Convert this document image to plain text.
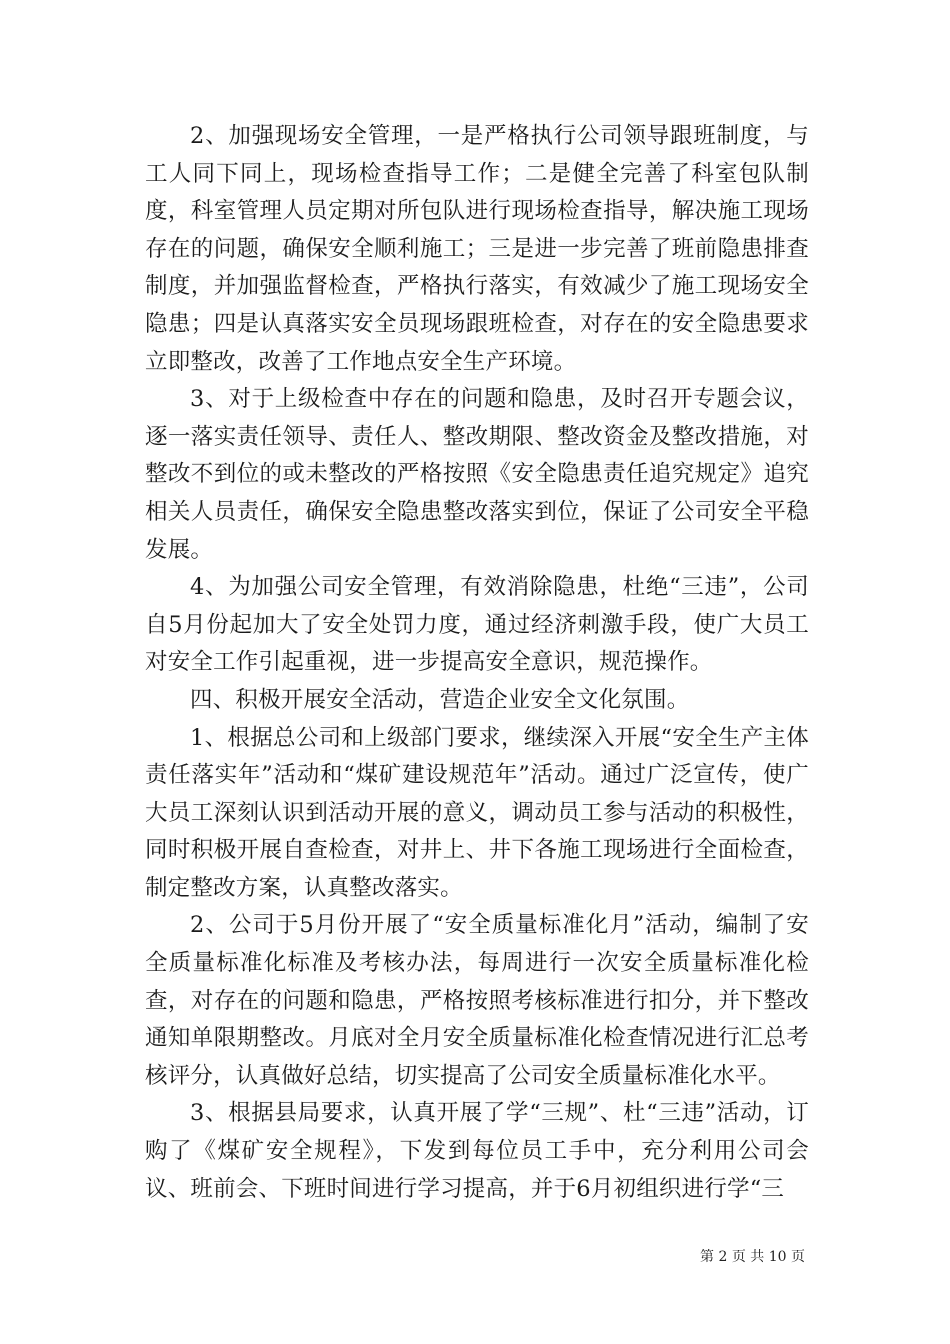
2、加强现场安全管理，一是严格执行公司领导跟班制度，与工人同下同上，现场检查指导工作；二是健全完善了科室包队制度，科室管理人员定期对所包队进行现场检查指导，解决施工现场存在的问题，确保安全顺利施工；三是进一步完善了班前隐患排查制度，并加强监督检查，严格执行落实，有效减少了施工现场安全隐患；四是认真落实安全员现场跟班检查，对存在的安全隐患要求立即整改，改善了工作地点安全生产环境。

3、对于上级检查中存在的问题和隐患，及时召开专题会议，逐一落实责任领导、责任人、整改期限、整改资金及整改措施，对整改不到位的或未整改的严格按照《安全隐患责任追究规定》追究相关人员责任，确保安全隐患整改落实到位，保证了公司安全平稳发展。

4、为加强公司安全管理，有效消除隐患，杜绝“三违”，公司自5月份起加大了安全处罚力度，通过经济刺激手段，使广大员工对安全工作引起重视，进一步提高安全意识，规范操作。

四、积极开展安全活动，营造企业安全文化氛围。

1、根据总公司和上级部门要求，继续深入开展“安全生产主体责任落实年”活动和“煤矿建设规范年”活动。通过广泛宣传，使广大员工深刻认识到活动开展的意义，调动员工参与活动的积极性，同时积极开展自查检查，对井上、井下各施工现场进行全面检查，制定整改方案，认真整改落实。

2、公司于5月份开展了“安全质量标准化月”活动，编制了安全质量标准化标准及考核办法，每周进行一次安全质量标准化检查，对存在的问题和隐患，严格按照考核标准进行扣分，并下整改通知单限期整改。月底对全月安全质量标准化检查情况进行汇总考核评分，认真做好总结，切实提高了公司安全质量标准化水平。

3、根据县局要求，认真开展了学“三规”、杜“三违”活动，订购了《煤矿安全规程》，下发到每位员工手中，充分利用公司会议、班前会、下班时间进行学习提高，并于6月初组织进行学“三

第 2 页 共 10 页
